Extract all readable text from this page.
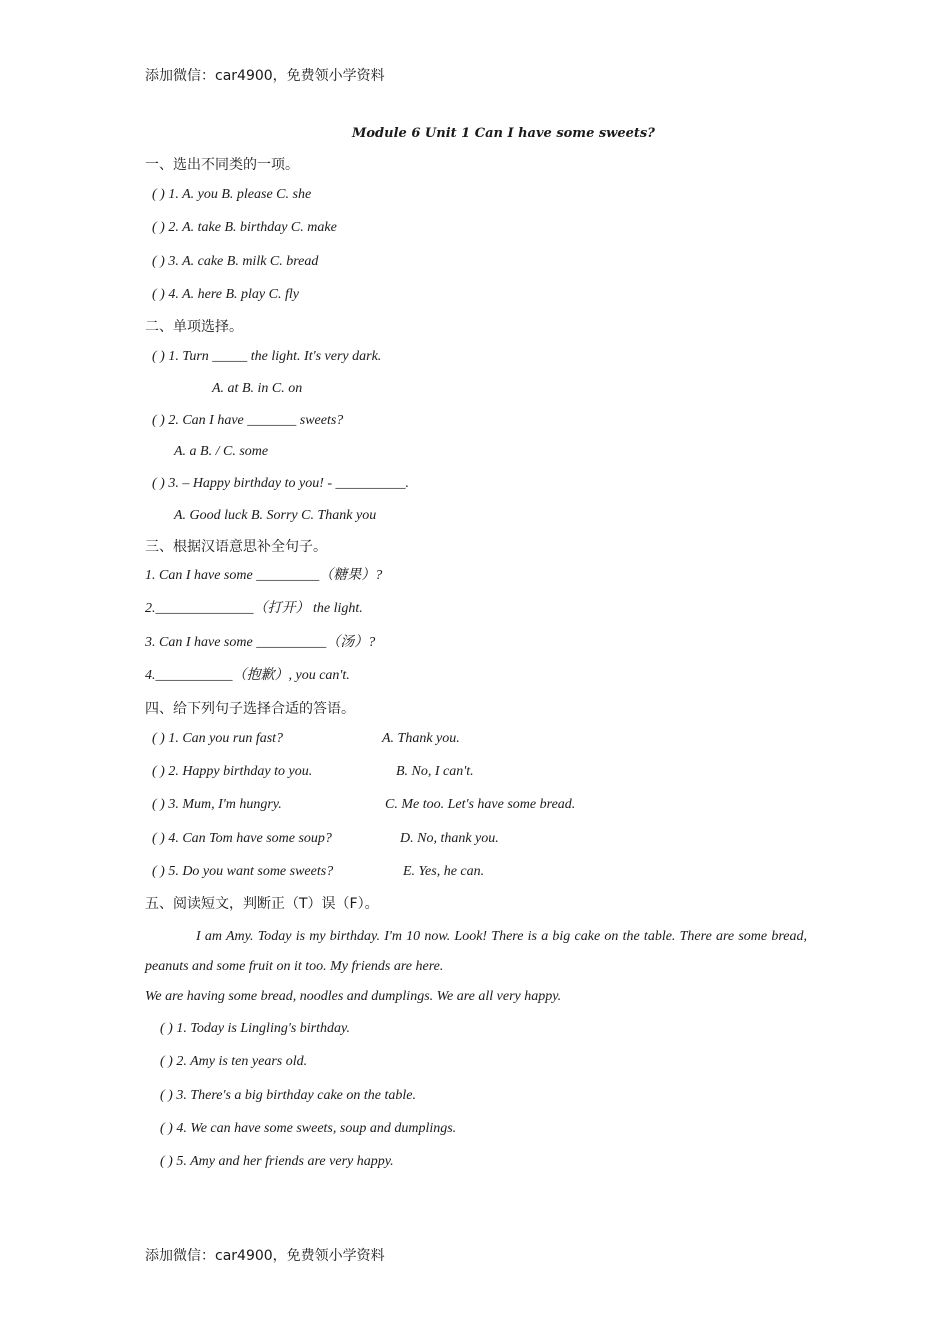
添加微信：car4900，免费领小学资料
Module 6 Unit 1 Can I have some sweets?
一、选出不同类的一项。
( ) 1. A. you B. please C. she
( ) 2. A. take B. birthday C. make
( ) 3. A. cake B. milk C. bread
( ) 4. A. here B. play C. fly
二、单项选择。
( ) 1. Turn _____ the light. It's very dark.
A. at B. in C. on
( ) 2. Can I have _______ sweets?
A. a B. / C. some
( ) 3. – Happy birthday to you! - __________.
A. Good luck B. Sorry C. Thank you
三、根据汉语意思补全句子。
1. Can I have some _________（糖果）?
2.______________（打开） the light.
3. Can I have some __________（汤）?
4.___________（抱歉）, you can't.
四、给下列句子选择合适的答语。
( ) 1. Can you run fast?	A. Thank you.
( ) 2. Happy birthday to you.	B. No, I can't.
( ) 3. Mum, I'm hungry.	C. Me too. Let's have some bread.
( ) 4. Can Tom have some soup?	D. No, thank you.
( ) 5. Do you want some sweets?	E. Yes, he can.
五、阅读短文，判断正（T）误（F）。
I am Amy. Today is my birthday. I'm 10 now. Look! There is a big cake on the table. There are some bread, peanuts and some fruit on it too. My friends are here.
We are having some bread, noodles and dumplings. We are all very happy.
( ) 1. Today is Lingling's birthday.
( ) 2. Amy is ten years old.
( ) 3. There's a big birthday cake on the table.
( ) 4. We can have some sweets, soup and dumplings.
( ) 5. Amy and her friends are very happy.
添加微信：car4900，免费领小学资料
